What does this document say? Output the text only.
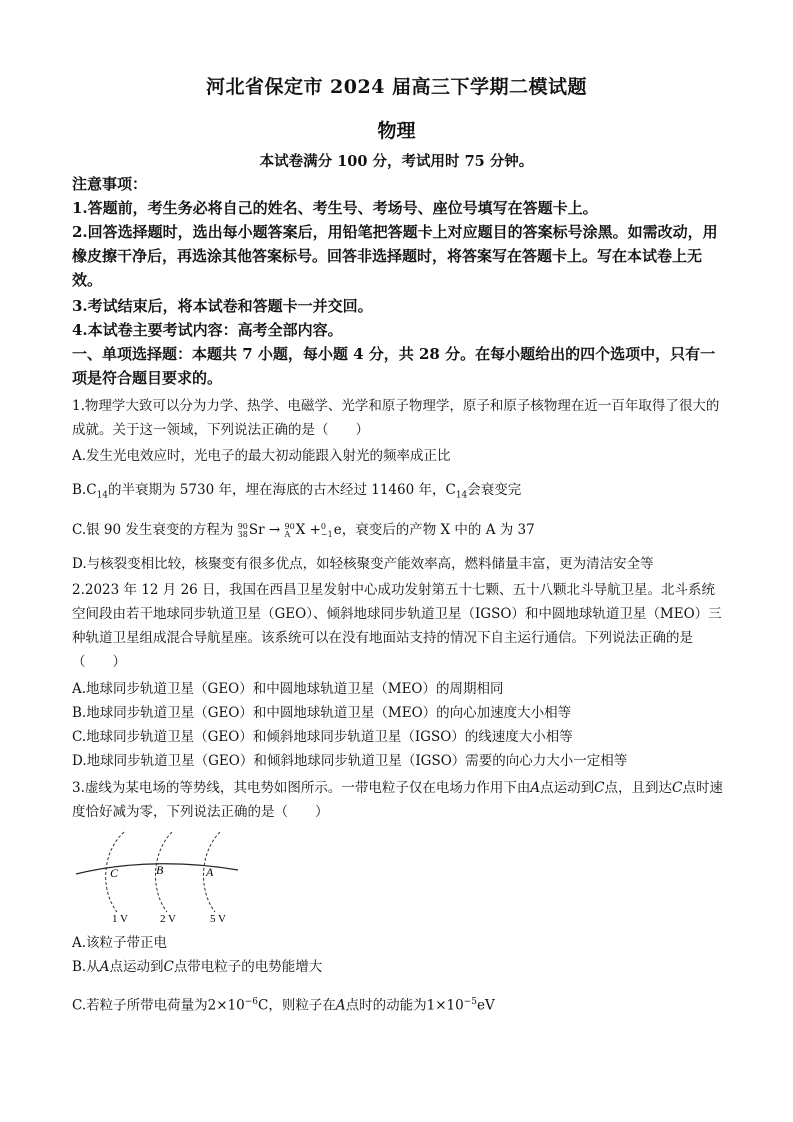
河北省保定市 2024 届高三下学期二模试题
物理
本试卷满分 100 分，考试用时 75 分钟。
注意事项：
1.答题前，考生务必将自己的姓名、考生号、考场号、座位号填写在答题卡上。
2.回答选择题时，选出每小题答案后，用铅笔把答题卡上对应题目的答案标号涂黑。如需改动，用橡皮擦干净后，再选涂其他答案标号。回答非选择题时，将答案写在答题卡上。写在本试卷上无效。
3.考试结束后，将本试卷和答题卡一并交回。
4.本试卷主要考试内容：高考全部内容。
一、单项选择题：本题共 7 小题，每小题 4 分，共 28 分。在每小题给出的四个选项中，只有一项是符合题目要求的。
1.物理学大致可以分为力学、热学、电磁学、光学和原子物理学，原子和原子核物理在近一百年取得了很大的成就。关于这一领域，下列说法正确的是（　　）
A.发生光电效应时，光电子的最大初动能跟入射光的频率成正比
$B.C_{14}$的半衰期为 5730 年，埋在海底的古木经过 11460 年，$C_{14}$会衰变完
C.银 90 发生衰变的方程为 90
38 Sr → 90
A X + 0
−1 e，衰变后的产物 X 中的 A 为 37
D.与核裂变相比较，核聚变有很多优点，如轻核聚变产能效率高，燃料储量丰富，更为清洁安全等
2.2023 年 12 月 26 日，我国在西昌卫星发射中心成功发射第五十七颗、五十八颗北斗导航卫星。北斗系统空间段由若干地球同步轨道卫星（GEO）、倾斜地球同步轨道卫星（IGSO）和中圆地球轨道卫星（MEO）三种轨道卫星组成混合导航星座。该系统可以在没有地面站支持的情况下自主运行通信。下列说法正确的是（　　）
A.地球同步轨道卫星（GEO）和中圆地球轨道卫星（MEO）的周期相同
B.地球同步轨道卫星（GEO）和中圆地球轨道卫星（MEO）的向心加速度大小相等
C.地球同步轨道卫星（GEO）和倾斜地球同步轨道卫星（IGSO）的线速度大小相等
D.地球同步轨道卫星（GEO）和倾斜地球同步轨道卫星（IGSO）需要的向心力大小一定相等
3.虚线为某电场的等势线，其电势如图所示。一带电粒子仅在电场力作用下由A点运动到C点，且到达C点时速度恰好减为零，下列说法正确的是（　　）
C	B	A
1 V	2 V	5 V
A.该粒子带正电
B.从A点运动到C点带电粒子的电势能增大
C.若粒子所带电荷量为$2\times 10^{-6}C$，则粒子在A点时的动能为$1\times 10^{-5}eV$
